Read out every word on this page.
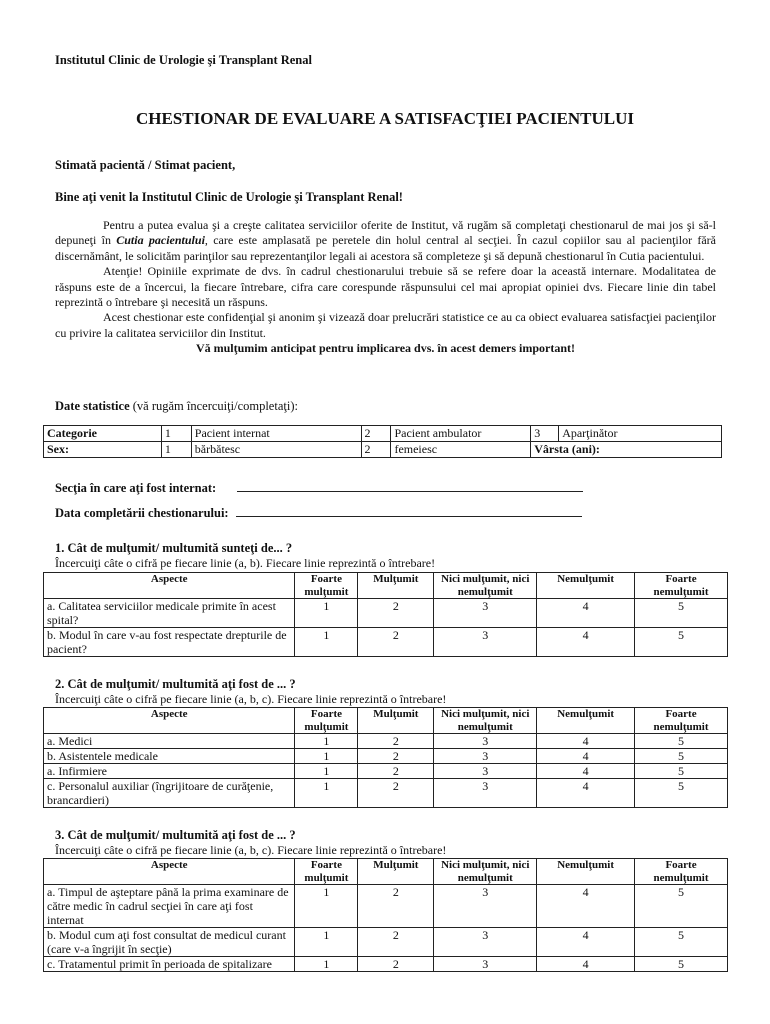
Institutul Clinic de Urologie şi Transplant Renal
CHESTIONAR DE EVALUARE A SATISFACŢIEI PACIENTULUI
Stimată pacientă / Stimat pacient,
Bine aţi venit la Institutul Clinic de Urologie şi Transplant Renal!

Pentru a putea evalua şi a creşte calitatea serviciilor oferite de Institut, vă rugăm să completaţi chestionarul de mai jos şi să-l depuneţi în Cutia pacientului, care este amplasată pe peretele din holul central al secţiei. În cazul copiilor sau al pacienţilor fără discernământ, le solicităm parinţilor sau reprezentanţilor legali ai acestora să completeze şi să depună chestionarul în Cutia pacientului.

Atenţie! Opiniile exprimate de dvs. în cadrul chestionarului trebuie să se refere doar la această internare. Modalitatea de răspuns este de a încercui, la fiecare întrebare, cifra care corespunde răspunsului cel mai apropiat opiniei dvs. Fiecare linie din tabel reprezintă o întrebare şi necesită un răspuns.

Acest chestionar este confidenţial şi anonim şi vizează doar prelucrări statistice ce au ca obiect evaluarea satisfacţiei pacienţilor cu privire la calitatea serviciilor din Institut.

Vă mulţumim anticipat pentru implicarea dvs. în acest demers important!

Date statistice (vă rugăm încercuiţi/completaţi):
Categorie	1	Pacient internat	2	Pacient ambulator	3	Aparţinător
Sex:	1	bărbătesc	2	femeiesc	Vârsta (ani):	
Secţia în care aţi fost internat:
Data completării chestionarului:
1. Cât de mulţumit/ multumită sunteţi de... ?
Încercuiţi câte o cifră pe fiecare linie (a, b). Fiecare linie reprezintă o întrebare!
Aspecte	Foarte mulţumit	Mulţumit	Nici mulţumit, nici nemulţumit	Nemulţumit	Foarte nemulţumit
a. Calitatea serviciilor medicale primite în acest spital?	1	2	3	4	5
b. Modul în care v-au fost respectate drepturile de pacient?	1	2	3	4	5
2. Cât de mulţumit/ multumită aţi fost de ... ?
Încercuiţi câte o cifră pe fiecare linie (a, b, c). Fiecare linie reprezintă o întrebare!
Aspecte	Foarte mulţumit	Mulţumit	Nici mulţumit, nici nemulţumit	Nemulţumit	Foarte nemulţumit
a. Medici	1	2	3	4	5
b. Asistentele medicale	1	2	3	4	5
a. Infirmiere	1	2	3	4	5
c. Personalul auxiliar (îngrijitoare de curăţenie, brancardieri)	1	2	3	4	5
3. Cât de mulţumit/ multumită aţi fost de ... ?
Încercuiţi câte o cifră pe fiecare linie (a, b, c). Fiecare linie reprezintă o întrebare!
Aspecte	Foarte mulţumit	Mulţumit	Nici mulţumit, nici nemulţumit	Nemulţumit	Foarte nemulţumit
a. Timpul de aşteptare până la prima examinare de către medic în cadrul secţiei în care aţi fost internat	1	2	3	4	5
b. Modul cum aţi fost consultat de medicul curant (care v-a îngrijit în secţie)	1	2	3	4	5
c. Tratamentul primit în perioada de spitalizare	1	2	3	4	5
